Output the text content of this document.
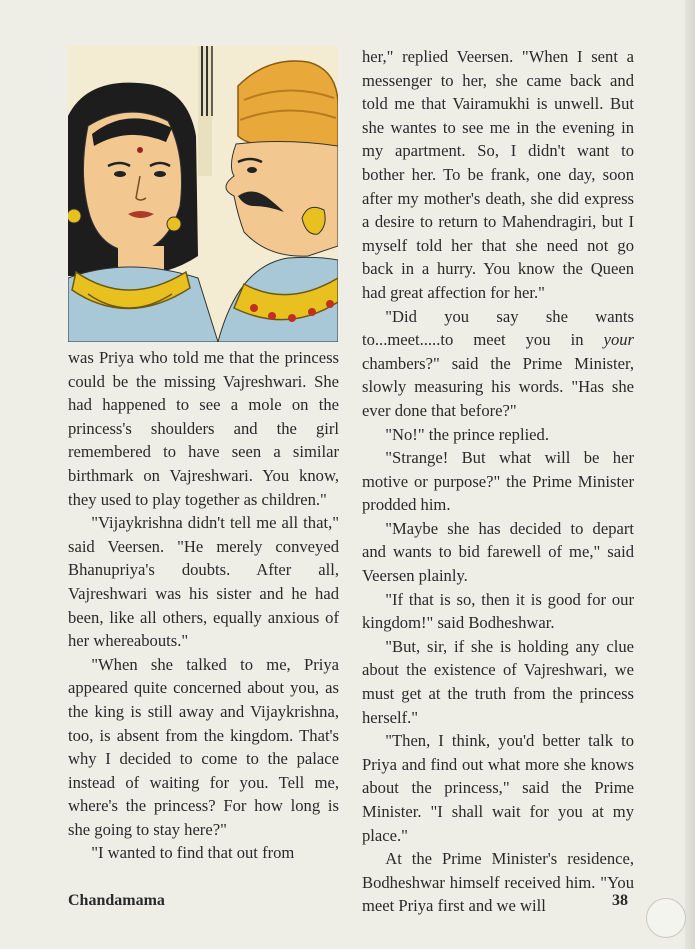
was Priya who told me that the princess could be the missing Vajreshwari. She had happened to see a mole on the princess's shoulders and the girl remembered to have seen a similar birthmark on Vajreshwari. You know, they used to play together as children."

"Vijaykrishna didn't tell me all that," said Veersen. "He merely conveyed Bhanupriya's doubts. After all, Vajreshwari was his sister and he had been, like all others, equally anxious of her whereabouts."

"When she talked to me, Priya appeared quite concerned about you, as the king is still away and Vijaykrishna, too, is absent from the kingdom. That's why I decided to come to the palace instead of waiting for you. Tell me, where's the princess? For how long is she going to stay here?"

"I wanted to find that out from

her," replied Veersen. "When I sent a messenger to her, she came back and told me that Vairamukhi is unwell. But she wantes to see me in the evening in my apartment. So, I didn't want to bother her. To be frank, one day, soon after my mother's death, she did express a desire to return to Mahendragiri, but I myself told her that she need not go back in a hurry. You know the Queen had great affection for her."

"Did you say she wants to...meet.....to meet you in your chambers?" said the Prime Minister, slowly measuring his words. "Has she ever done that before?"

"No!" the prince replied.

"Strange! But what will be her motive or purpose?" the Prime Minister prodded him.

"Maybe she has decided to depart and wants to bid farewell of me," said Veersen plainly.

"If that is so, then it is good for our kingdom!" said Bodheshwar.

"But, sir, if she is holding any clue about the existence of Vajreshwari, we must get at the truth from the princess herself."

"Then, I think, you'd better talk to Priya and find out what more she knows about the princess," said the Prime Minister. "I shall wait for you at my place."

At the Prime Minister's residence, Bodheshwar himself received him. "You meet Priya first and we will

Chandamama	38
